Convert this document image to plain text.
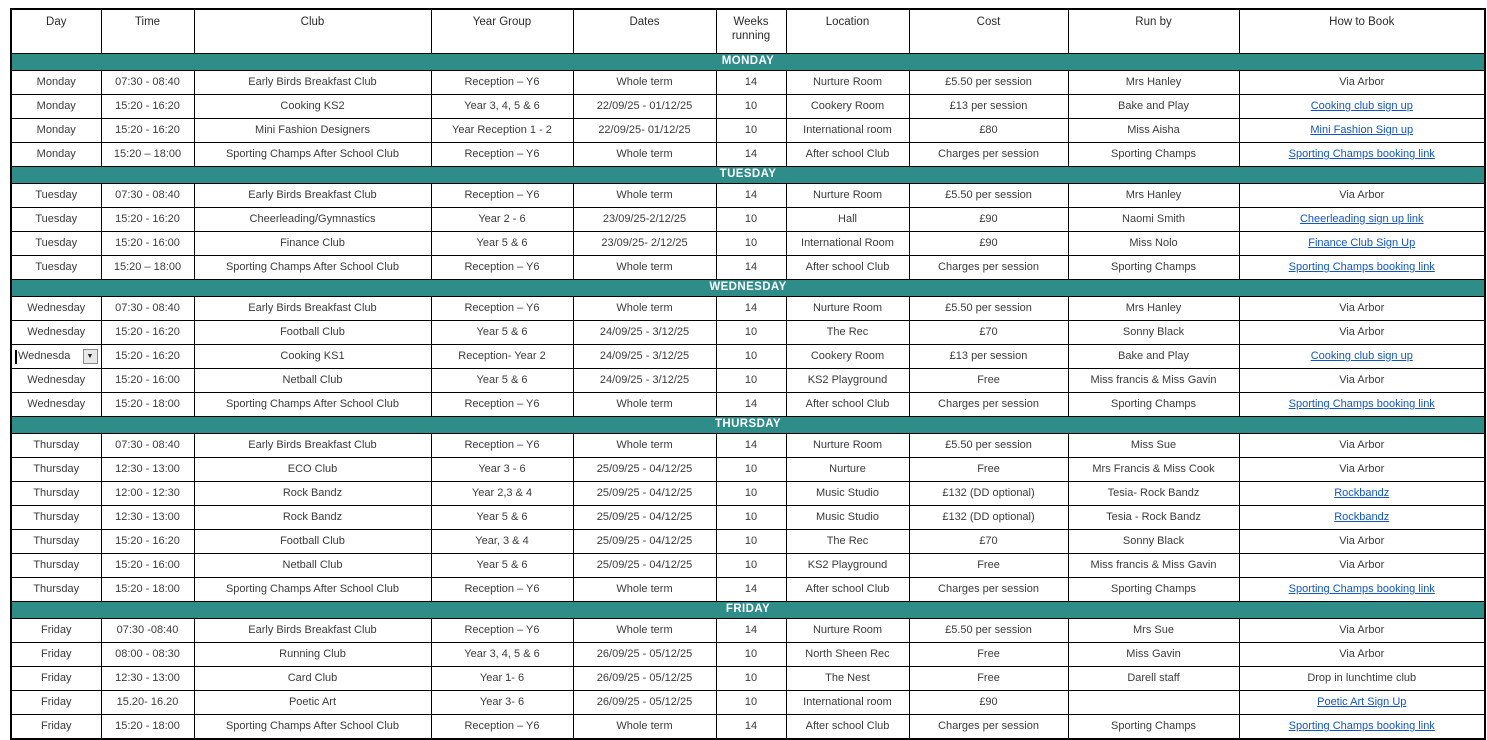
Day	Time	Club	Year Group	Dates	Weeks running	Location	Cost	Run by	How to Book
MONDAY									
Monday	07:30 - 08:40	Early Birds Breakfast Club	Reception – Y6	Whole term	14	Nurture Room	£5.50 per session	Mrs Hanley	Via Arbor
Monday	15:20 - 16:20	Cooking KS2	Year 3, 4, 5 & 6	22/09/25 - 01/12/25	10	Cookery Room	£13 per session	Bake and Play	Cooking club sign up
Monday	15:20 - 16:20	Mini Fashion Designers	Year Reception 1 - 2	22/09/25- 01/12/25	10	International room	£80	Miss Aisha	Mini Fashion Sign up
Monday	15:20 – 18:00	Sporting Champs After School Club	Reception – Y6	Whole term	14	After school Club	Charges per session	Sporting Champs	Sporting Champs booking link
TUESDAY									
Tuesday	07:30 - 08:40	Early Birds Breakfast Club	Reception – Y6	Whole term	14	Nurture Room	£5.50 per session	Mrs Hanley	Via Arbor
Tuesday	15:20 - 16:20	Cheerleading/Gymnastics	Year 2 - 6	23/09/25-2/12/25	10	Hall	£90	Naomi Smith	Cheerleading sign up link
Tuesday	15:20 - 16:00	Finance Club	Year 5 & 6	23/09/25- 2/12/25	10	International Room	£90	Miss Nolo	Finance Club Sign Up
Tuesday	15:20 – 18:00	Sporting Champs After School Club	Reception – Y6	Whole term	14	After school Club	Charges per session	Sporting Champs	Sporting Champs booking link
WEDNESDAY									
Wednesday	07:30 - 08:40	Early Birds Breakfast Club	Reception – Y6	Whole term	14	Nurture Room	£5.50 per session	Mrs Hanley	Via Arbor
Wednesday	15:20 - 16:20	Football Club	Year 5 & 6	24/09/25 - 3/12/25	10	The Rec	£70	Sonny Black	Via Arbor

Wednesda ▼	15:20 - 16:20	Cooking KS1	Reception- Year 2	24/09/25 - 3/12/25	10	Cookery Room	£13 per session	Bake and Play	Cooking club sign up
Wednesday	15:20 - 16:00	Netball Club	Year 5 & 6	24/09/25 - 3/12/25	10	KS2 Playground	Free	Miss francis & Miss Gavin	Via Arbor
Wednesday	15:20 - 18:00	Sporting Champs After School Club	Reception – Y6	Whole term	14	After school Club	Charges per session	Sporting Champs	Sporting Champs booking link
THURSDAY									
Thursday	07:30 - 08:40	Early Birds Breakfast Club	Reception – Y6	Whole term	14	Nurture Room	£5.50 per session	Miss Sue	Via Arbor
Thursday	12:30 - 13:00	ECO Club	Year 3 - 6	25/09/25 - 04/12/25	10	Nurture	Free	Mrs Francis & Miss Cook	Via Arbor
Thursday	12:00 - 12:30	Rock Bandz	Year 2,3 & 4	25/09/25 - 04/12/25	10	Music Studio	£132 (DD optional)	Tesia- Rock Bandz	Rockbandz
Thursday	12:30 - 13:00	Rock Bandz	Year 5 & 6	25/09/25 - 04/12/25	10	Music Studio	£132 (DD optional)	Tesia - Rock Bandz	Rockbandz
Thursday	15:20 - 16:20	Football Club	Year, 3 & 4	25/09/25 - 04/12/25	10	The Rec	£70	Sonny Black	Via Arbor
Thursday	15:20 - 16:00	Netball Club	Year 5 & 6	25/09/25 - 04/12/25	10	KS2 Playground	Free	Miss francis & Miss Gavin	Via Arbor
Thursday	15:20 - 18:00	Sporting Champs After School Club	Reception – Y6	Whole term	14	After school Club	Charges per session	Sporting Champs	Sporting Champs booking link
FRIDAY									
Friday	07:30 -08:40	Early Birds Breakfast Club	Reception – Y6	Whole term	14	Nurture Room	£5.50 per session	Mrs Sue	Via Arbor
Friday	08:00 - 08:30	Running Club	Year 3, 4, 5 & 6	26/09/25 - 05/12/25	10	North Sheen Rec	Free	Miss Gavin	Via Arbor
Friday	12:30 - 13:00	Card Club	Year 1- 6	26/09/25 - 05/12/25	10	The Nest	Free	Darell staff	Drop in lunchtime club
Friday	15.20- 16.20	Poetic Art	Year 3- 6	26/09/25 - 05/12/25	10	International room	£90		Poetic Art Sign Up
Friday	15:20 - 18:00	Sporting Champs After School Club	Reception – Y6	Whole term	14	After school Club	Charges per session	Sporting Champs	Sporting Champs booking link
